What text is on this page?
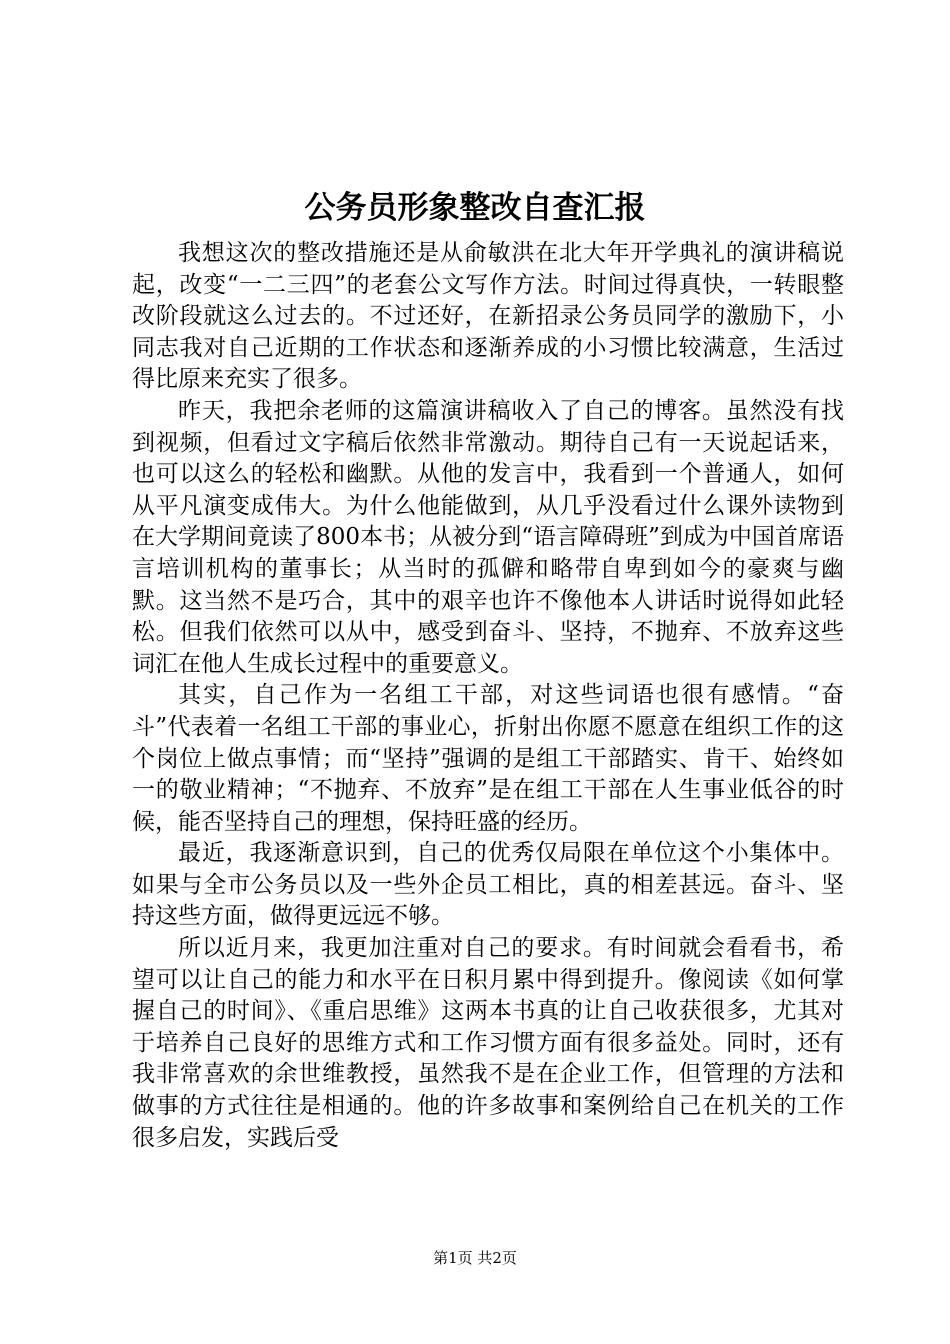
公务员形象整改自查汇报

我想这次的整改措施还是从俞敏洪在北大年开学典礼的演讲稿说起，改变“一二三四”的老套公文写作方法。时间过得真快，一转眼整改阶段就这么过去的。不过还好，在新招录公务员同学的激励下，小同志我对自己近期的工作状态和逐渐养成的小习惯比较满意，生活过得比原来充实了很多。

昨天，我把余老师的这篇演讲稿收入了自己的博客。虽然没有找到视频，但看过文字稿后依然非常激动。期待自己有一天说起话来，也可以这么的轻松和幽默。从他的发言中，我看到一个普通人，如何从平凡演变成伟大。为什么他能做到，从几乎没看过什么课外读物到在大学期间竟读了800本书；从被分到“语言障碍班”到成为中国首席语言培训机构的董事长；从当时的孤僻和略带自卑到如今的豪爽与幽默。这当然不是巧合，其中的艰辛也许不像他本人讲话时说得如此轻松。但我们依然可以从中，感受到奋斗、坚持，不抛弃、不放弃这些词汇在他人生成长过程中的重要意义。

其实，自己作为一名组工干部，对这些词语也很有感情。“奋斗”代表着一名组工干部的事业心，折射出你愿不愿意在组织工作的这个岗位上做点事情；而“坚持”强调的是组工干部踏实、肯干、始终如一的敬业精神；“不抛弃、不放弃”是在组工干部在人生事业低谷的时候，能否坚持自己的理想，保持旺盛的经历。

最近，我逐渐意识到，自己的优秀仅局限在单位这个小集体中。如果与全市公务员以及一些外企员工相比，真的相差甚远。奋斗、坚持这些方面，做得更远远不够。

所以近月来，我更加注重对自己的要求。有时间就会看看书，希望可以让自己的能力和水平在日积月累中得到提升。像阅读《如何掌握自己的时间》、《重启思维》这两本书真的让自己收获很多，尤其对于培养自己良好的思维方式和工作习惯方面有很多益处。同时，还有我非常喜欢的余世维教授，虽然我不是在企业工作，但管理的方法和做事的方式往往是相通的。他的许多故事和案例给自己在机关的工作很多启发，实践后受

第1页 共2页
